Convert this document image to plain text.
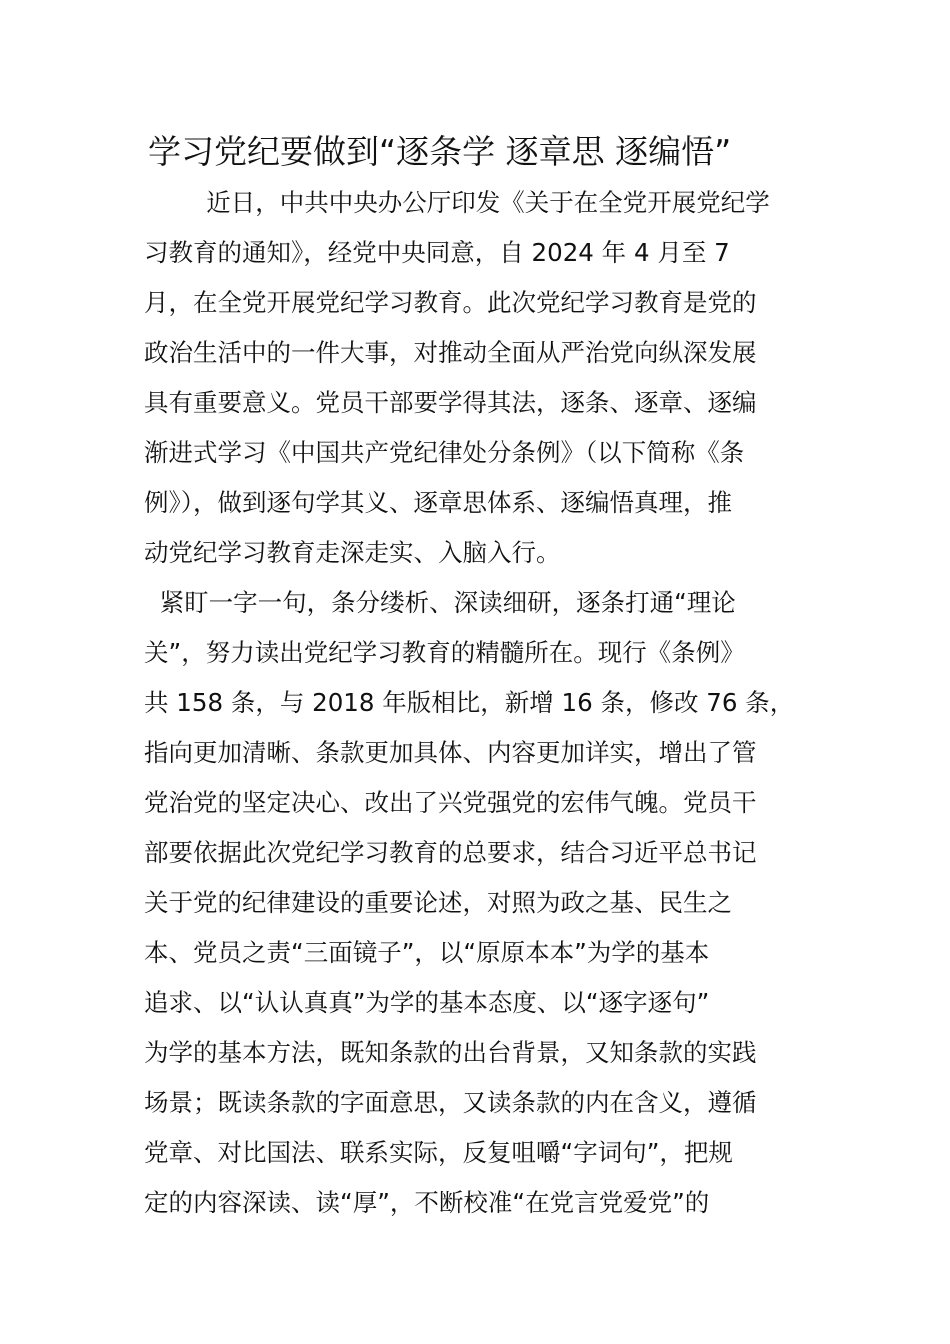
学习党纪要做到“逐条学 逐章思 逐编悟”
近日，中共中央办公厅印发《关于在全党开展党纪学
习教育的通知》，经党中央同意，自 2024 年 4 月至 7
月，在全党开展党纪学习教育。此次党纪学习教育是党的
政治生活中的一件大事，对推动全面从严治党向纵深发展
具有重要意义。党员干部要学得其法，逐条、逐章、逐编
渐进式学习《中国共产党纪律处分条例》（以下简称《条
例》），做到逐句学其义、逐章思体系、逐编悟真理，推
动党纪学习教育走深走实、入脑入行。
紧盯一字一句，条分缕析、深读细研，逐条打通“理论
关”，努力读出党纪学习教育的精髓所在。现行《条例》
共 158 条，与 2018 年版相比，新增 16 条，修改 76 条，
指向更加清晰、条款更加具体、内容更加详实，增出了管
党治党的坚定决心、改出了兴党强党的宏伟气魄。党员干
部要依据此次党纪学习教育的总要求，结合习近平总书记
关于党的纪律建设的重要论述，对照为政之基、民生之
本、党员之责“三面镜子”，以“原原本本”为学的基本
追求、以“认认真真”为学的基本态度、以“逐字逐句”
为学的基本方法，既知条款的出台背景，又知条款的实践
场景；既读条款的字面意思，又读条款的内在含义，遵循
党章、对比国法、联系实际，反复咀嚼“字词句”，把规
定的内容深读、读“厚”，不断校准“在党言党爱党”的
